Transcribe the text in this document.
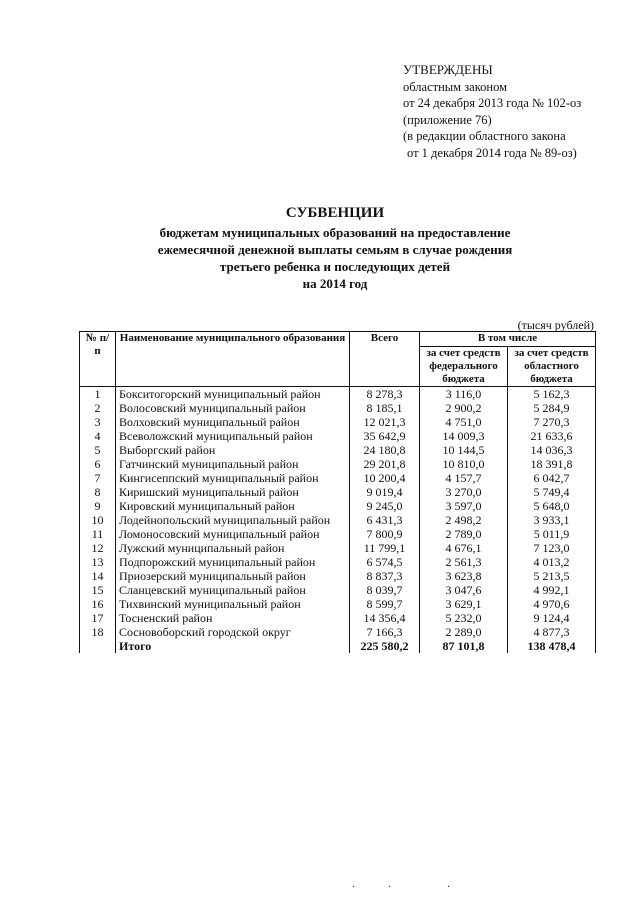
УТВЕРЖДЕНЫ
областным законом
от 24 декабря 2013 года № 102-оз
(приложение 76)
(в редакции областного закона
от 1 декабря 2014 года № 89-оз)
СУБВЕНЦИИ
бюджетам муниципальных образований на предоставление
ежемесячной денежной выплаты семьям в случае рождения
третьего ребенка и последующих детей
на 2014 год
(тысяч рублей)
№ п/п	Наименование муниципального образования	Всего	В том числе	
			за счет средств федерального бюджета	за счет средств областного бюджета
1	Бокситогорский муниципальный район	8 278,3	3 116,0	5 162,3
2	Волосовский муниципальный район	8 185,1	2 900,2	5 284,9
3	Волховский муниципальный район	12 021,3	4 751,0	7 270,3
4	Всеволожский муниципальный район	35 642,9	14 009,3	21 633,6
5	Выборгский район	24 180,8	10 144,5	14 036,3
6	Гатчинский муниципальный район	29 201,8	10 810,0	18 391,8
7	Кингисеппский муниципальный район	10 200,4	4 157,7	6 042,7
8	Киришский муниципальный район	9 019,4	3 270,0	5 749,4
9	Кировский муниципальный район	9 245,0	3 597,0	5 648,0
10	Лодейнопольский муниципальный район	6 431,3	2 498,2	3 933,1
11	Ломоносовский муниципальный район	7 800,9	2 789,0	5 011,9
12	Лужский муниципальный район	11 799,1	4 676,1	7 123,0
13	Подпорожский муниципальный район	6 574,5	2 561,3	4 013,2
14	Приозерский муниципальный район	8 837,3	3 623,8	5 213,5
15	Сланцевский муниципальный район	8 039,7	3 047,6	4 992,1
16	Тихвинский муниципальный район	8 599,7	3 629,1	4 970,6
17	Тосненский район	14 356,4	5 232,0	9 124,4
18	Сосновоборский городской округ	7 166,3	2 289,0	4 877,3
	Итого	225 580,2	87 101,8	138 478,4
·	·	·
